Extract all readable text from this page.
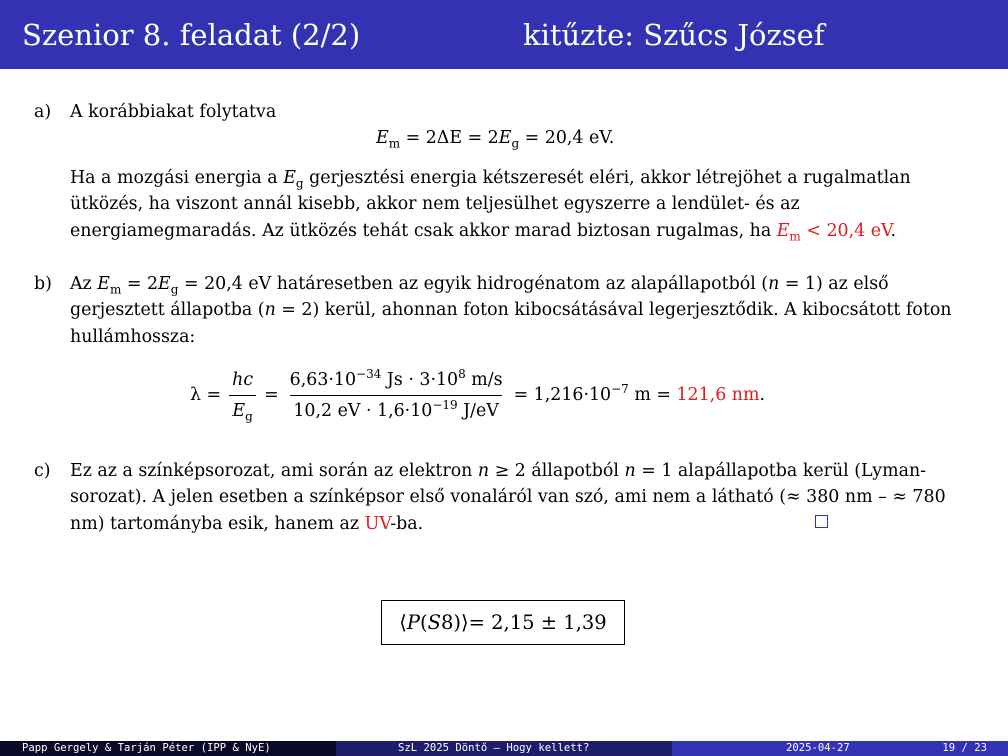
Szenior 8. feladat (2/2)	kitűzte: Szűcs József
a) A korábbiakat folytatva
$E_m = 2\Delta E = 2E_g = 20,4$ eV.
Ha a mozgási energia a $E_g$ gerjesztési energia kétszeresét eléri, akkor létrejöhet a rugalmatlan ütközés, ha viszont annál kisebb, akkor nem teljesülhet egyszerre a lendület- és az energiamegmaradás. Az ütközés tehát csak akkor marad biztosan rugalmas, ha $E_m < 20,4$ eV.
b) Az $E_m = 2E_g = 20,4$ eV határesetben az egyik hidrogénatom az alapállapotból (n = 1) az első gerjesztett állapotba (n = 2) kerül, ahonnan foton kibocsátásával legerjesztődik. A kibocsátott foton hullámhossza:
$\lambda = \frac{hc}{E_g} = \frac{6,63\cdot 10^{-34} Js \cdot 3\cdot 10^8 m/s}{10,2 eV \cdot 1,6\cdot 10^{-19} J/eV} = 1,216\cdot 10^{-7}$ m = 121,6 nm.
c) Ez az a színképsorozat, ami során az elektron n ≥ 2 állapotból n = 1 alapállapotba kerül (Lyman-sorozat). A jelen esetben a színképsor első vonaláról van szó, ami nem a látható (≈ 380 nm – ≈ 780 nm) tartományba esik, hanem az UV-ba.
⟨ P ( S 8 ) ⟩ = 2,15 ± 1,39
Papp Gergely & Tarján Péter (IPP & NyE)	SzL 2025 Döntő – Hogy kellett?	2025-04-27	19 / 23
